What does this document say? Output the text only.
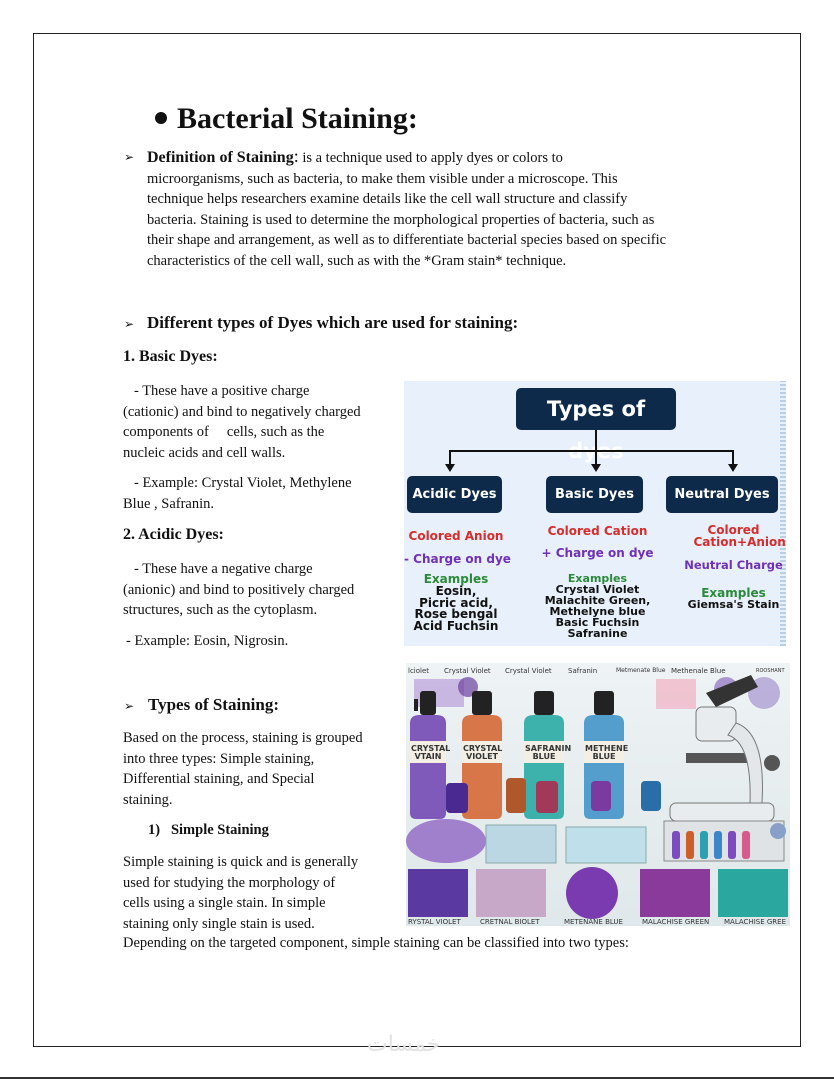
Bacterial Staining:
➢ Definition of Staining: is a technique used to apply dyes or colors to
microorganisms, such as bacteria, to make them visible under a microscope. This
technique helps researchers examine details like the cell wall structure and classify
bacteria. Staining is used to determine the morphological properties of bacteria, such as
their shape and arrangement, as well as to differentiate bacterial species based on specific
characteristics of the cell wall, such as with the *Gram stain* technique.
➢ Different types of Dyes which are used for staining:
1. Basic Dyes:
- These have a positive charge
(cationic) and bind to negatively charged
components of     cells, such as the
nucleic acids and cell walls.
- Example: Crystal Violet, Methylene
Blue , Safranin.
2. Acidic Dyes:
- These have a negative charge
(anionic) and bind to positively charged
structures, such as the cytoplasm.
- Example: Eosin, Nigrosin.
Types of
Acidic Dyes	Basic Dyes	Neutral Dyes
Colored Anion
- Charge on dye
Examples
Eosin,
Picric acid,
Rose bengal
Acid Fuchsin
Colored Cation
+ Charge on dye
Examples
Crystal Violet
Malachite Green,
Methelyne blue
Basic Fuchsin
Safranine
Colored Cation+Anion
Neutral Charge
Examples
Giemsa's Stain
➢ Types of Staining:
Based on the process, staining is grouped
into three types: Simple staining,
Differential staining, and Special
staining.
1)   Simple Staining
Simple staining is quick and is generally
used for studying the morphology of
cells using a single stain. In simple
staining only single stain is used.
Depending on the targeted component, simple staining can be classified into two types:
lciolet Crystal Violet Crystal Violet Safranin	Metmenate Blue Methenale Blue	ROOSHANT
CRYSTAL VTAIN
CRYSTAL VIOLET
SAFRANIN BLUE
METHENE BLUE
RYSTAL VIOLET	CRETNAL BIOLET	METENANE BLUE	MALACHISE GREEN MALACHISE GREE
خمسات
